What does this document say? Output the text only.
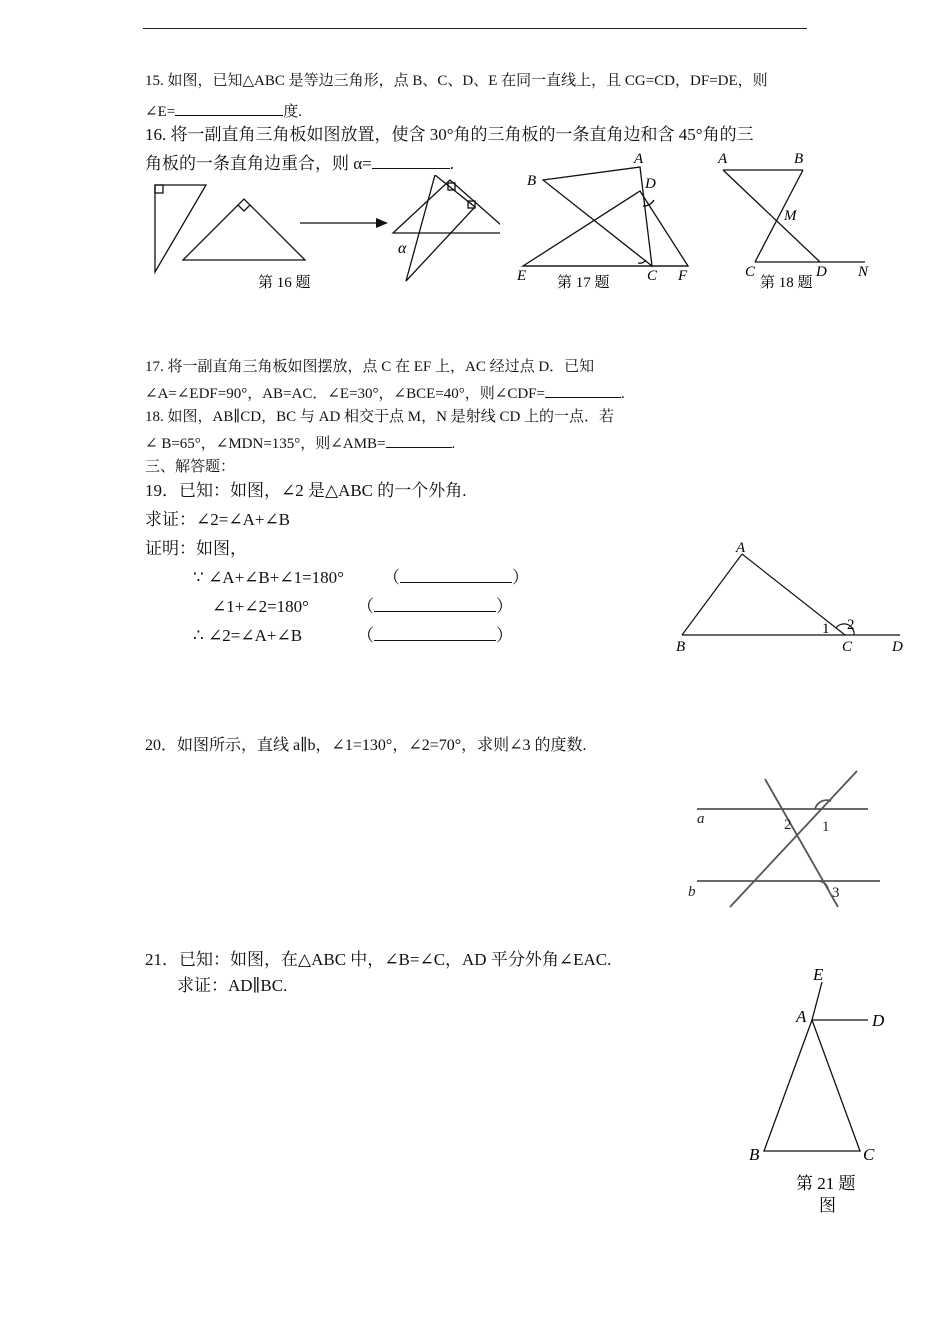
15. 如图，已知△ABC 是等边三角形，点 B、C、D、E 在同一直线上，且 CG=CD，DF=DE，则
∠E=	度.
16. 将一副直角三角板如图放置，使含 30°角的三角板的一条直角边和含 45°角的三
角板的一条直角边重合，则 α=	.
α
第 16 题
A
B	D
E	C F
第 17 题
A	B
M
C	D N
第 18 题
17. 将一副直角三角板如图摆放，点 C 在 EF 上，AC 经过点 D．已知
∠A=∠EDF=90°，AB=AC．∠E=30°，∠BCE=40°，则∠CDF=	.
18. 如图，AB∥CD，BC 与 AD 相交于点 M，N 是射线 CD 上的一点．若
∠ B=65°，∠MDN=135°，则∠AMB=	.
三、解答题：
19．已知：如图，∠2 是△ABC 的一个外角.
求证：∠2=∠A+∠B
证明：如图，
∵ ∠A+∠B+∠1=180° （	）
∠1+∠2=180°	（	）
∴ ∠2=∠A+∠B	（	）
A
B	C	D
1 2
20．如图所示，直线 a∥b，∠1=130°，∠2=70°，求则∠3 的度数.
a
b
2 1
3
21．已知：如图，在△ABC 中，∠B=∠C，AD 平分外角∠EAC.
求证：AD∥BC.
E
A	D
B	C
第 21 题
图
